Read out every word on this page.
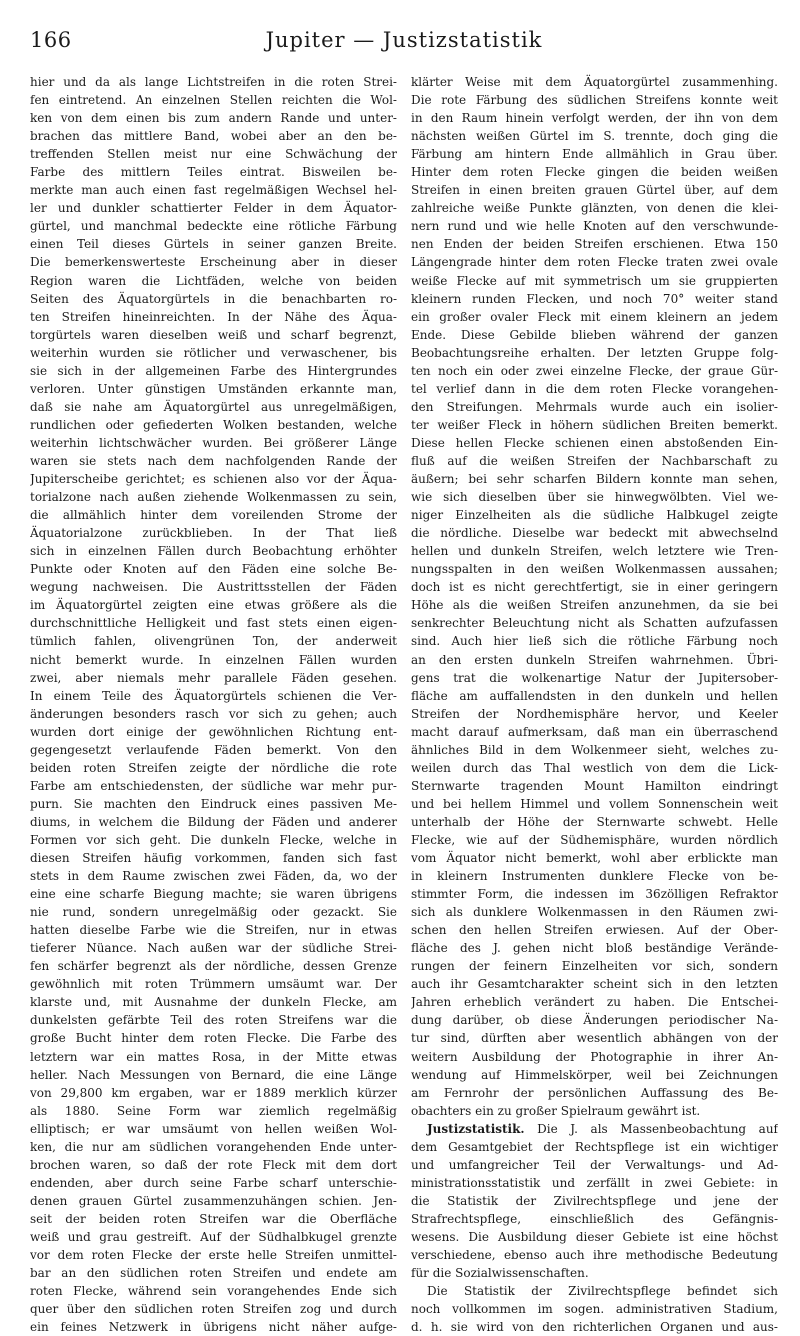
166	Jupiter — Justizstatistik
hier und da als lange Lichtstreifen in die roten Strei-
fen eintretend. An einzelnen Stellen reichten die Wol-
ken von dem einen bis zum andern Rande und unter-
brachen das mittlere Band, wobei aber an den be-
treffenden Stellen meist nur eine Schwächung der
Farbe des mittlern Teiles eintrat. Bisweilen be-
merkte man auch einen fast regelmäßigen Wechsel hel-
ler und dunkler schattierter Felder in dem Äquator-
gürtel, und manchmal bedeckte eine rötliche Färbung
einen Teil dieses Gürtels in seiner ganzen Breite.
Die bemerkenswerteste Erscheinung aber in dieser
Region waren die Lichtfäden, welche von beiden
Seiten des Äquatorgürtels in die benachbarten ro-
ten Streifen hineinreichten. In der Nähe des Äqua-
torgürtels waren dieselben weiß und scharf begrenzt,
weiterhin wurden sie rötlicher und verwaschener, bis
sie sich in der allgemeinen Farbe des Hintergrundes
verloren. Unter günstigen Umständen erkannte man,
daß sie nahe am Äquatorgürtel aus unregelmäßigen,
rundlichen oder gefiederten Wolken bestanden, welche
weiterhin lichtschwächer wurden. Bei größerer Länge
waren sie stets nach dem nachfolgenden Rande der
Jupiterscheibe gerichtet; es schienen also vor der Äqua-
torialzone nach außen ziehende Wolkenmassen zu sein,
die allmählich hinter dem voreilenden Strome der
Äquatorialzone zurückblieben. In der That ließ
sich in einzelnen Fällen durch Beobachtung erhöhter
Punkte oder Knoten auf den Fäden eine solche Be-
wegung nachweisen. Die Austrittsstellen der Fäden
im Äquatorgürtel zeigten eine etwas größere als die
durchschnittliche Helligkeit und fast stets einen eigen-
tümlich fahlen, olivengrünen Ton, der anderweit
nicht bemerkt wurde. In einzelnen Fällen wurden
zwei, aber niemals mehr parallele Fäden gesehen.
In einem Teile des Äquatorgürtels schienen die Ver-
änderungen besonders rasch vor sich zu gehen; auch
wurden dort einige der gewöhnlichen Richtung ent-
gegengesetzt verlaufende Fäden bemerkt. Von den
beiden roten Streifen zeigte der nördliche die rote
Farbe am entschiedensten, der südliche war mehr pur-
purn. Sie machten den Eindruck eines passiven Me-
diums, in welchem die Bildung der Fäden und anderer
Formen vor sich geht. Die dunkeln Flecke, welche in
diesen Streifen häufig vorkommen, fanden sich fast
stets in dem Raume zwischen zwei Fäden, da, wo der
eine eine scharfe Biegung machte; sie waren übrigens
nie rund, sondern unregelmäßig oder gezackt. Sie
hatten dieselbe Farbe wie die Streifen, nur in etwas
tieferer Nüance. Nach außen war der südliche Strei-
fen schärfer begrenzt als der nördliche, dessen Grenze
gewöhnlich mit roten Trümmern umsäumt war. Der
klarste und, mit Ausnahme der dunkeln Flecke, am
dunkelsten gefärbte Teil des roten Streifens war die
große Bucht hinter dem roten Flecke. Die Farbe des
letztern war ein mattes Rosa, in der Mitte etwas
heller. Nach Messungen von Bernard, die eine Länge
von 29,800 km ergaben, war er 1889 merklich kürzer
als 1880. Seine Form war ziemlich regelmäßig
elliptisch; er war umsäumt von hellen weißen Wol-
ken, die nur am südlichen vorangehenden Ende unter-
brochen waren, so daß der rote Fleck mit dem dort
endenden, aber durch seine Farbe scharf unterschie-
denen grauen Gürtel zusammenzuhängen schien. Jen-
seit der beiden roten Streifen war die Oberfläche
weiß und grau gestreift. Auf der Südhalbkugel grenzte
vor dem roten Flecke der erste helle Streifen unmittel-
bar an den südlichen roten Streifen und endete am
roten Flecke, während sein vorangehendes Ende sich
quer über den südlichen roten Streifen zog und durch
ein feines Netzwerk in übrigens nicht näher aufge-
klärter Weise mit dem Äquatorgürtel zusammenhing.
Die rote Färbung des südlichen Streifens konnte weit
in den Raum hinein verfolgt werden, der ihn von dem
nächsten weißen Gürtel im S. trennte, doch ging die
Färbung am hintern Ende allmählich in Grau über.
Hinter dem roten Flecke gingen die beiden weißen
Streifen in einen breiten grauen Gürtel über, auf dem
zahlreiche weiße Punkte glänzten, von denen die klei-
nern rund und wie helle Knoten auf den verschwunde-
nen Enden der beiden Streifen erschienen. Etwa 150
Längengrade hinter dem roten Flecke traten zwei ovale
weiße Flecke auf mit symmetrisch um sie gruppierten
kleinern runden Flecken, und noch 70° weiter stand
ein großer ovaler Fleck mit einem kleinern an jedem
Ende. Diese Gebilde blieben während der ganzen
Beobachtungsreihe erhalten. Der letzten Gruppe folg-
ten noch ein oder zwei einzelne Flecke, der graue Gür-
tel verlief dann in die dem roten Flecke vorangehen-
den Streifungen. Mehrmals wurde auch ein isolier-
ter weißer Fleck in höhern südlichen Breiten bemerkt.
Diese hellen Flecke schienen einen abstoßenden Ein-
fluß auf die weißen Streifen der Nachbarschaft zu
äußern; bei sehr scharfen Bildern konnte man sehen,
wie sich dieselben über sie hinwegwölbten. Viel we-
niger Einzelheiten als die südliche Halbkugel zeigte
die nördliche. Dieselbe war bedeckt mit abwechselnd
hellen und dunkeln Streifen, welch letztere wie Tren-
nungsspalten in den weißen Wolkenmassen aussahen;
doch ist es nicht gerechtfertigt, sie in einer geringern
Höhe als die weißen Streifen anzunehmen, da sie bei
senkrechter Beleuchtung nicht als Schatten aufzufassen
sind. Auch hier ließ sich die rötliche Färbung noch
an den ersten dunkeln Streifen wahrnehmen. Übri-
gens trat die wolkenartige Natur der Jupitersober-
fläche am auffallendsten in den dunkeln und hellen
Streifen der Nordhemisphäre hervor, und Keeler
macht darauf aufmerksam, daß man ein überraschend
ähnliches Bild in dem Wolkenmeer sieht, welches zu-
weilen durch das Thal westlich von dem die Lick-
Sternwarte tragenden Mount Hamilton eindringt
und bei hellem Himmel und vollem Sonnenschein weit
unterhalb der Höhe der Sternwarte schwebt. Helle
Flecke, wie auf der Südhemisphäre, wurden nördlich
vom Äquator nicht bemerkt, wohl aber erblickte man
in kleinern Instrumenten dunklere Flecke von be-
stimmter Form, die indessen im 36zölligen Refraktor
sich als dunklere Wolkenmassen in den Räumen zwi-
schen den hellen Streifen erwiesen. Auf der Ober-
fläche des J. gehen nicht bloß beständige Verände-
rungen der feinern Einzelheiten vor sich, sondern
auch ihr Gesamtcharakter scheint sich in den letzten
Jahren erheblich verändert zu haben. Die Entschei-
dung darüber, ob diese Änderungen periodischer Na-
tur sind, dürften aber wesentlich abhängen von der
weitern Ausbildung der Photographie in ihrer An-
wendung auf Himmelskörper, weil bei Zeichnungen
am Fernrohr der persönlichen Auffassung des Be-
obachters ein zu großer Spielraum gewährt ist.
Justizstatistik. Die J. als Massenbeobachtung auf
dem Gesamtgebiet der Rechtspflege ist ein wichtiger
und umfangreicher Teil der Verwaltungs- und Ad-
ministrationsstatistik und zerfällt in zwei Gebiete: in
die Statistik der Zivilrechtspflege und jene der
Strafrechtspflege, einschließlich des Gefängnis-
wesens. Die Ausbildung dieser Gebiete ist eine höchst
verschiedene, ebenso auch ihre methodische Bedeutung
für die Sozialwissenschaften.
Die Statistik der Zivilrechtspflege befindet sich
noch vollkommen im sogen. administrativen Stadium,
d. h. sie wird von den richterlichen Organen und aus-
